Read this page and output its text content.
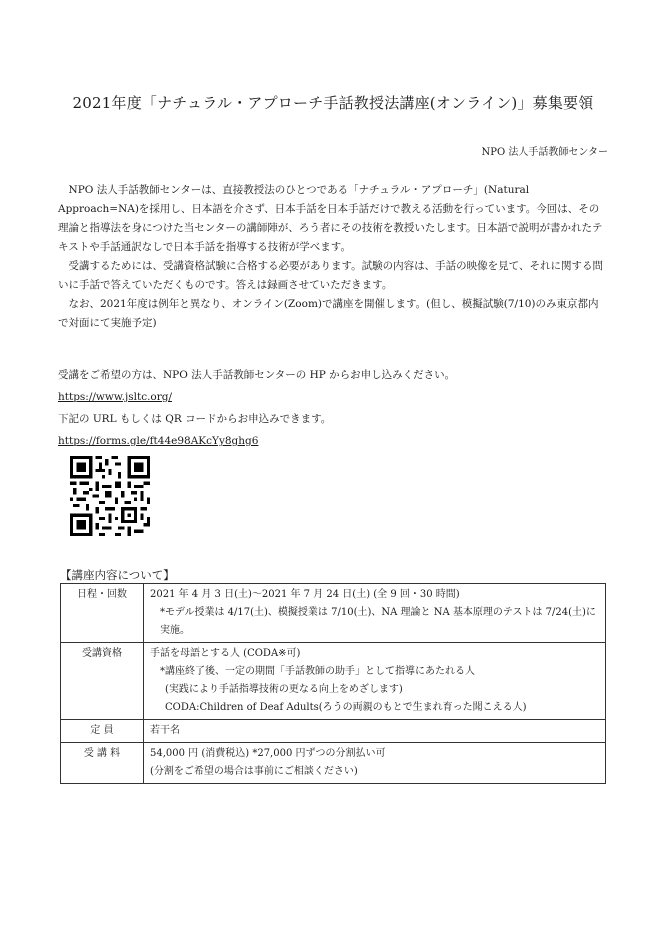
2021年度「ナチュラル・アプローチ手話教授法講座(オンライン)」募集要領
NPO 法人手話教師センター

NPO 法人手話教師センターは、直接教授法のひとつである「ナチュラル・アプローチ」(Natural Approach=NA)を採用し、日本語を介さず、日本手話を日本手話だけで教える活動を行っています。今回は、その理論と指導法を身につけた当センターの講師陣が、ろう者にその技術を教授いたします。日本語で説明が書かれたテキストや手話通訳なしで日本手話を指導する技術が学べます。

受講するためには、受講資格試験に合格する必要があります。試験の内容は、手話の映像を見て、それに関する問いに手話で答えていただくものです。答えは録画させていただきます。

なお、2021年度は例年と異なり、オンライン(Zoom)で講座を開催します。(但し、模擬試験(7/10)のみ東京都内で対面にて実施予定)

受講をご希望の方は、NPO 法人手話教師センターの HP からお申し込みください。
https://www.jsltc.org/
下記の URL もしくは QR コードからお申込みできます。
https://forms.gle/ft44e98AKcYy8ghg6
【講座内容について】
日程・回数	2021 年 4 月 3 日(土)〜2021 年 7 月 24 日(土) (全 9 回・30 時間)
*モデル授業は 4/17(土)、模擬授業は 7/10(土)、NA 理論と NA 基本原理のテストは 7/24(土)に実施。

受講資格	手話を母語とする人 (CODA※可)
*講座終了後、一定の期間「手話教師の助手」として指導にあたれる人
(実践により手話指導技術の更なる向上をめざします)
CODA:Children of Deaf Adults(ろうの両親のもとで生まれ育った聞こえる人)

定 員	若干名
受 講 料	54,000 円 (消費税込) *27,000 円ずつの分割払い可
(分割をご希望の場合は事前にご相談ください)
